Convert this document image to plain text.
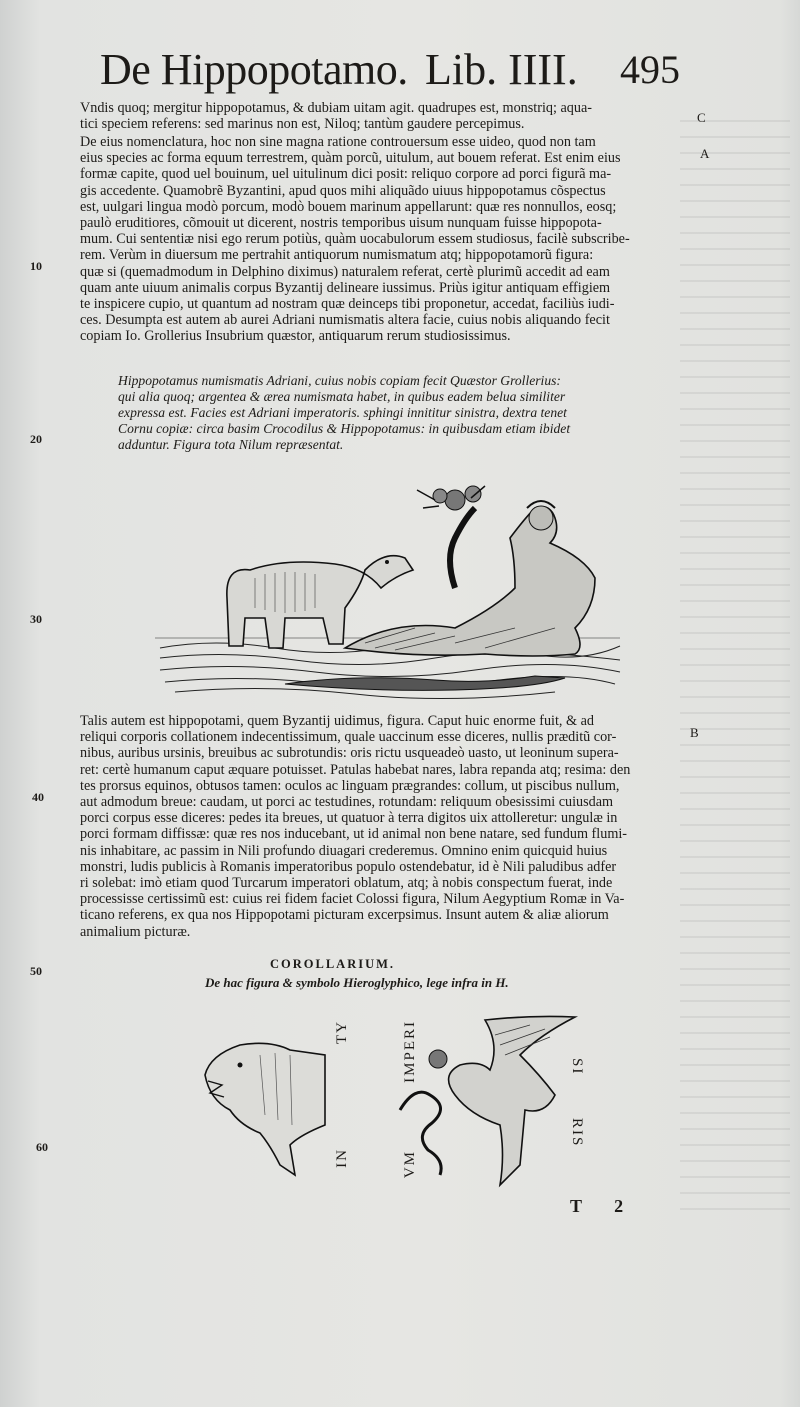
De Hippopotamo. Lib. IIII. 495
C
A
B
10
20
30
40
50
60
Vndis quoq; mergitur hippopotamus, & dubiam uitam agit. quadrupes est, monstriq; aqua-
tici speciem referens: sed marinus non est, Niloq; tantùm gaudere percepimus.
De eius nomenclatura, hoc non sine magna ratione controuersum esse uideo, quod non tam
eius species ac forma equum terrestrem, quàm porcũ, uitulum, aut bouem referat. Est enim eius
formæ capite, quod uel bouinum, uel uitulinum dici posit: reliquo corpore ad porci figurã ma-
gis accedente. Quamobrẽ Byzantini, apud quos mihi aliquãdo uiuus hippopotamus cõspectus
est, uulgari lingua modò porcum, modò bouem marinum appellarunt: quæ res nonnullos, eosq;
paulò eruditiores, cõmouit ut dicerent, nostris temporibus uisum nunquam fuisse hippopota-
mum. Cui sententiæ nisi ego rerum potiùs, quàm uocabulorum essem studiosus, facilè subscribe-
rem. Verùm in diuersum me pertrahit antiquorum numismatum atq; hippopotamorũ figura:
quæ si (quemadmodum in Delphino diximus) naturalem referat, certè plurimũ accedit ad eam
quam ante uiuum animalis corpus Byzantij delineare iussimus. Priùs igitur antiquam effigiem
te inspicere cupio, ut quantum ad nostram quæ deinceps tibi proponetur, accedat, faciliùs iudi-
ces. Desumpta est autem ab aurei Adriani numismatis altera facie, cuius nobis aliquando fecit
copiam Io. Grollerius Insubrium quæstor, antiquarum rerum studiosissimus.
Hippopotamus numismatis Adriani, cuius nobis copiam fecit Quæstor Grollerius:
qui alia quoq; argentea & ærea numismata habet, in quibus eadem belua similiter
expressa est. Facies est Adriani imperatoris. sphingi innititur sinistra, dextra tenet
Cornu copiæ: circa basim Crocodilus & Hippopotamus: in quibusdam etiam ibidet
adduntur. Figura tota Nilum repræsentat.
Talis autem est hippopotami, quem Byzantij uidimus, figura. Caput huic enorme fuit, & ad
reliqui corporis collationem indecentissimum, quale uaccinum esse diceres, nullis præditũ cor-
nibus, auribus ursinis, breuibus ac subrotundis: oris rictu usqueadeò uasto, ut leoninum supera-
ret: certè humanum caput æquare potuisset. Patulas habebat nares, labra repanda atq; resima: den
tes prorsus equinos, obtusos tamen: oculos ac linguam prægrandes: collum, ut piscibus nullum,
aut admodum breue: caudam, ut porci ac testudines, rotundam: reliquum obesissimi cuiusdam
porci corpus esse diceres: pedes ita breues, ut quatuor à terra digitos uix attolleretur: ungulæ in
porci formam diffissæ: quæ res nos inducebant, ut id animal non bene natare, sed fundum flumi-
nis inhabitare, ac passim in Nili profundo diuagari crederemus. Omnino enim quicquid huius
monstri, ludis publicis à Romanis imperatoribus populo ostendebatur, id è Nili paludibus adfer
ri solebat: imò etiam quod Turcarum imperatori oblatum, atq; à nobis conspectum fuerat, inde
processisse certissimũ est: cuius rei fidem faciet Colossi figura, Nilum Aegyptium Romæ in Va-
ticano referens, ex qua nos Hippopotami picturam excerpsimus. Insunt autem & aliæ aliorum
animalium picturæ.
COROLLARIUM.
De hac figura & symbolo Hieroglyphico, lege infra in H.
TY
IN
IMPERI
VM
SI
RIS
T 2
